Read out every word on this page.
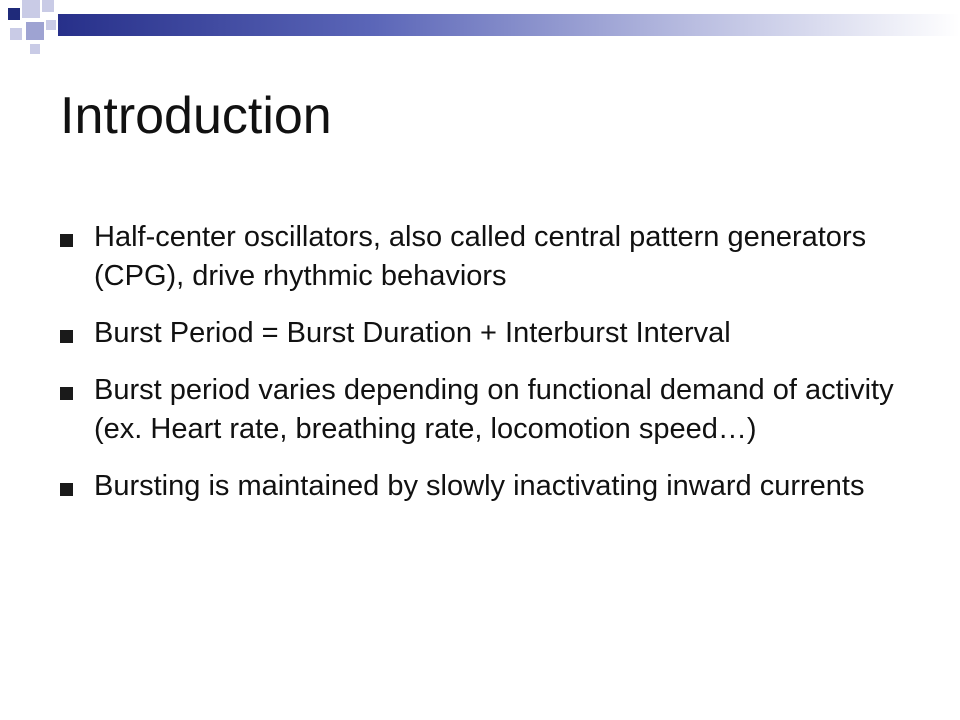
Introduction
Half-center oscillators, also called central pattern generators (CPG), drive rhythmic behaviors
Burst Period = Burst Duration + Interburst Interval
Burst period varies depending on functional demand of activity (ex. Heart rate, breathing rate, locomotion speed…)
Bursting is maintained by slowly inactivating inward currents
